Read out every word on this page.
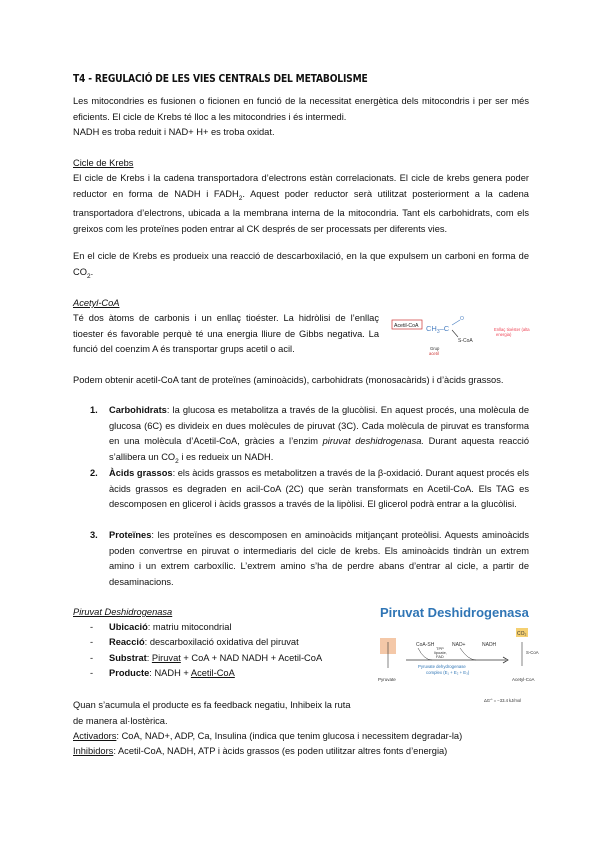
T4 - REGULACIÓ DE LES VIES CENTRALS DEL METABOLISME
Les mitocondries es fusionen o ficionen en funció de la necessitat energètica dels mitocondris i per ser més eficients. El cicle de Krebs té lloc a les mitocondries i és intermedi.
NADH es troba reduit i NAD+ H+ es troba oxidat.
Cicle de Krebs
El cicle de Krebs i la cadena transportadora d’electrons estàn correlacionats. El cicle de krebs genera poder reductor en forma de NADH i $FADH_2$. Aquest poder reductor serà utilitzat posteriorment a la cadena transportadora d’electrons, ubicada a la membrana interna de la mitocondria. Tant els carbohidrats, com els greixos com les proteïnes poden entrar al CK després de ser processats per diferents vies.
En el cicle de Krebs es produeix una reacció de descarboxilació, en la que expulsem un carboni en forma de $CO_2$.
Acetyl-CoA
Té dos àtoms de carbonis i un enllaç tioéster. La hidròlisi de l’enllaç tioester és favorable perquè té una energia lliure de Gibbs negativa. La funció del coenzim A és transportar grups acetil o acil.
Acetil-CoA $CH_3-C$
O
S-CoA
Grup
acetil
Enllaç tioéster (alta
energia)
Podem obtenir acetil-CoA tant de proteïnes (aminoàcids), carbohidrats (monosacàrids) i d’àcids grassos.
1. Carbohidrats: la glucosa es metabolitza a través de la glucòlisi. En aquest procés, una molècula de glucosa (6C) es divideix en dues molècules de piruvat (3C). Cada molècula de piruvat es transforma en una molècula d’Acetil-CoA, gràcies a l’enzim piruvat deshidrogenasa. Durant aquesta reacció s’allibera un $CO_2$ i es redueix un NADH.
2. Àcids grassos: els àcids grassos es metabolitzen a través de la β-oxidació. Durant aquest procés els àcids grassos es degraden en acil-CoA (2C) que seràn transformats en Acetil-CoA. Els TAG es descomposen en glicerol i àcids grassos a través de la lipòlisi. El glicerol podrà entrar a la glucòlisi.
3. Proteïnes: les proteïnes es descomposen en aminoàcids mitjançant proteòlisi. Aquests aminoàcids poden convertrse en piruvat o intermediaris del cicle de krebs. Els aminoàcids tindràn un extrem amino i un extrem carboxílic. L’extrem amino s’ha de perdre abans d’entrar al cicle, a partir de desaminacions.
Piruvat Deshidrogenasa
- Ubicació: matriu mitocondrial
- Reacció: descarboxilació oxidativa del piruvat
- Substrat: Piruvat + CoA + NAD NADH + Acetil-CoA
- Producte: NADH + Acetil-CoA
Piruvat Deshidrogenasa
Pyruvate
CoA-SH	NAD+	NADH
TPP
lipoate,
FAD
Pyruvate dehydrogenase
complex (E₁ + E₂ + E₃)
CO₂
S-CoA
Acetyl-CoA
ΔG'° = −33.4 kJ/mol
Quan s’acumula el producte es fa feedback negatiu, Inhibeix la ruta de manera al·lostèrica.
Activadors: CoA, NAD+, ADP, Ca, Insulina (indica que tenim glucosa i necessitem degradar-la)
Inhibidors: Acetil-CoA, NADH, ATP i àcids grassos (es poden utilitzar altres fonts d’energia)
